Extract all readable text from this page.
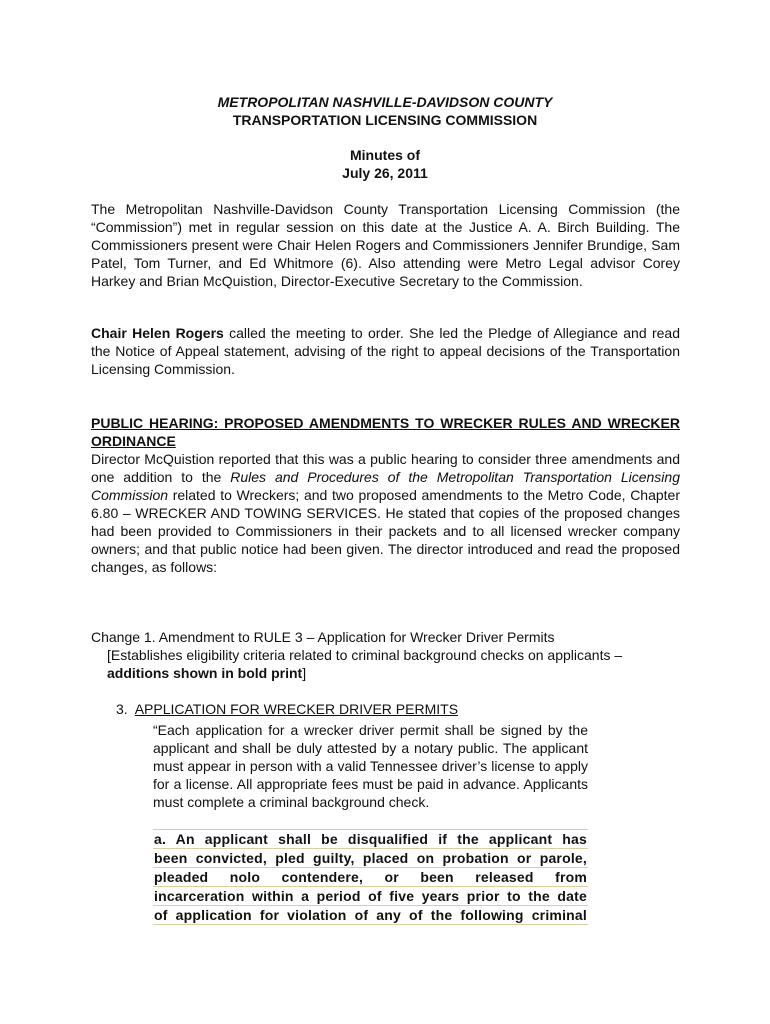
METROPOLITAN NASHVILLE-DAVIDSON COUNTY
TRANSPORTATION LICENSING COMMISSION
Minutes of
July 26, 2011
The Metropolitan Nashville-Davidson County Transportation Licensing Commission (the “Commission”) met in regular session on this date at the Justice A. A. Birch Building. The Commissioners present were Chair Helen Rogers and Commissioners Jennifer Brundige, Sam Patel, Tom Turner, and Ed Whitmore (6). Also attending were Metro Legal advisor Corey Harkey and Brian McQuistion, Director-Executive Secretary to the Commission.
Chair Helen Rogers called the meeting to order. She led the Pledge of Allegiance and read the Notice of Appeal statement, advising of the right to appeal decisions of the Transportation Licensing Commission.
PUBLIC HEARING: PROPOSED AMENDMENTS TO WRECKER RULES AND WRECKER ORDINANCE
Director McQuistion reported that this was a public hearing to consider three amendments and one addition to the Rules and Procedures of the Metropolitan Transportation Licensing Commission related to Wreckers; and two proposed amendments to the Metro Code, Chapter 6.80 – WRECKER AND TOWING SERVICES. He stated that copies of the proposed changes had been provided to Commissioners in their packets and to all licensed wrecker company owners; and that public notice had been given. The director introduced and read the proposed changes, as follows:
Change 1. Amendment to RULE 3 – Application for Wrecker Driver Permits
[Establishes eligibility criteria related to criminal background checks on applicants –
additions shown in bold print]
3. APPLICATION FOR WRECKER DRIVER PERMITS
“Each application for a wrecker driver permit shall be signed by the applicant and shall be duly attested by a notary public. The applicant must appear in person with a valid Tennessee driver’s license to apply for a license. All appropriate fees must be paid in advance. Applicants must complete a criminal background check.
a. An applicant shall be disqualified if the applicant has
been convicted, pled guilty, placed on probation or parole,
pleaded nolo contendere, or been released from
incarceration within a period of five years prior to the date
of application for violation of any of the following criminal
